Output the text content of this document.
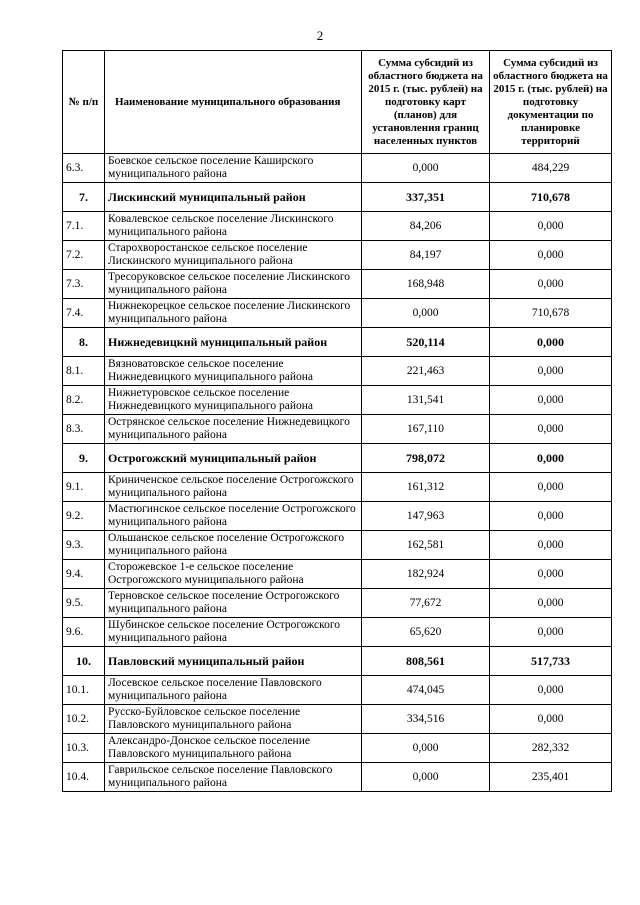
2
№ п/п	Наименование муниципального образования	Сумма субсидий из областного бюджета на 2015 г. (тыс. рублей) на подготовку карт (планов) для установления границ населенных пунктов	Сумма субсидий из областного бюджета на 2015 г. (тыс. рублей) на подготовку документации по планировке территорий
6.3.	Боевское сельское поселение Каширского муниципального района	0,000	484,229
7.	Лискинский муниципальный район	337,351	710,678
7.1.	Ковалевское сельское поселение Лискинского муниципального района	84,206	0,000
7.2.	Староxворостанское сельское поселение Лискинского муниципального района	84,197	0,000
7.3.	Тресоруковское сельское поселение Лискинского муниципального района	168,948	0,000
7.4.	Нижнекорецкое сельское поселение Лискинского муниципального района	0,000	710,678
8.	Нижнедевицкий муниципальный район	520,114	0,000
8.1.	Вязноватовское сельское поселение Нижнедевицкого муниципального района	221,463	0,000
8.2.	Нижнетуровское сельское поселение Нижнедевицкого муниципального района	131,541	0,000
8.3.	Острянское сельское поселение Нижнедевицкого муниципального района	167,110	0,000
9.	Острогожский муниципальный район	798,072	0,000
9.1.	Криниченское сельское поселение Острогожского муниципального района	161,312	0,000
9.2.	Мастюгинское сельское поселение Острогожского муниципального района	147,963	0,000
9.3.	Ольшанское сельское поселение Острогожского муниципального района	162,581	0,000
9.4.	Сторожевское 1-е сельское поселение Острогожского муниципального района	182,924	0,000
9.5.	Терновское сельское поселение Острогожского муниципального района	77,672	0,000
9.6.	Шубинское сельское поселение Острогожского муниципального района	65,620	0,000
10.	Павловский муниципальный район	808,561	517,733
10.1.	Лосевское сельское поселение Павловского муниципального района	474,045	0,000
10.2.	Русско-Буйловское сельское поселение Павловского муниципального района	334,516	0,000
10.3.	Александро-Донское сельское поселение Павловского муниципального района	0,000	282,332
10.4.	Гаврильское сельское поселение Павловского муниципального района	0,000	235,401
